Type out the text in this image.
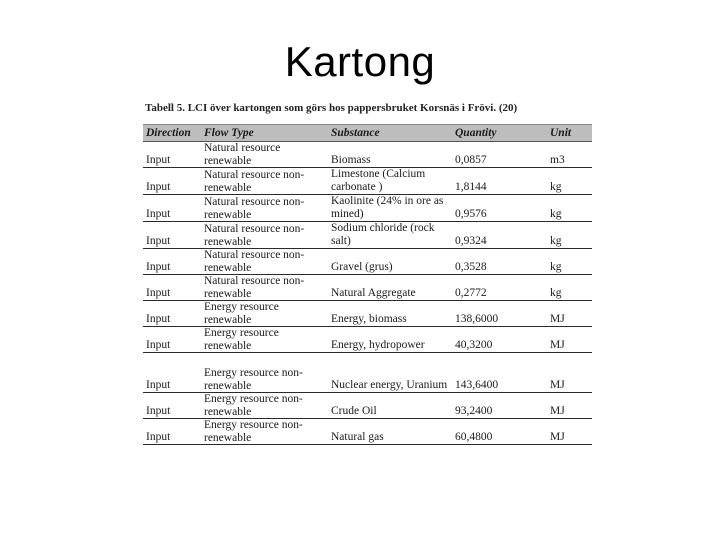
Kartong
Tabell 5. LCI över kartongen som görs hos pappersbruket Korsnäs i Frövi. (20)
Direction	Flow Type	Substance	Quantity	Unit
Input	Natural resource renewable	Biomass	0,0857	m3
Input	Natural resource non-renewable	Limestone (Calcium carbonate )	1,8144	kg
Input	Natural resource non-renewable	Kaolinite (24% in ore as mined)	0,9576	kg
Input	Natural resource non-renewable	Sodium chloride (rock salt)	0,9324	kg
Input	Natural resource non-renewable	Gravel (grus)	0,3528	kg
Input	Natural resource non-renewable	Natural Aggregate	0,2772	kg
Input	Energy resource renewable	Energy, biomass	138,6000	MJ
Input	Energy resource renewable	Energy, hydropower	40,3200	MJ
Input	Energy resource non-renewable	Nuclear energy, Uranium	143,6400	MJ
Input	Energy resource non-renewable	Crude Oil	93,2400	MJ
Input	Energy resource non-renewable	Natural gas	60,4800	MJ
